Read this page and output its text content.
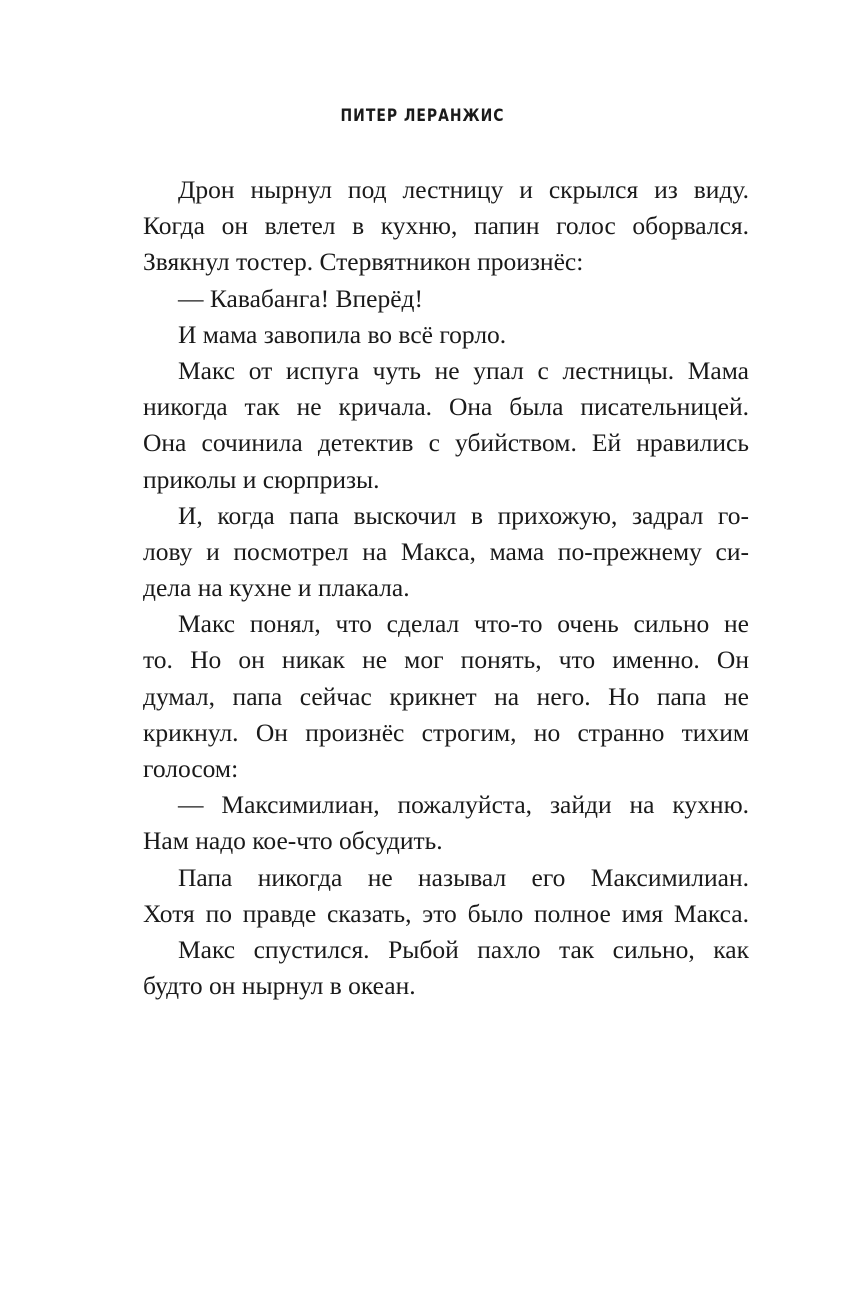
ПИТЕР ЛЕРАНЖИС
Дрон нырнул под лестницу и скрылся из виду.
Когда он влетел в кухню, папин голос оборвался.
Звякнул тостер. Стервятникон произнёс:
— Кавабанга! Вперёд!
И мама завопила во всё горло.
Макс от испуга чуть не упал с лестницы. Мама
никогда так не кричала. Она была писательницей.
Она сочинила детектив с убийством. Ей нравились
приколы и сюрпризы.
И, когда папа выскочил в прихожую, задрал го-
лову и посмотрел на Макса, мама по-прежнему си-
дела на кухне и плакала.
Макс понял, что сделал что-то очень сильно не
то. Но он никак не мог понять, что именно. Он
думал, папа сейчас крикнет на него. Но папа не
крикнул. Он произнёс строгим, но странно тихим
голосом:
— Максимилиан, пожалуйста, зайди на кухню.
Нам надо кое-что обсудить.
Папа никогда не называл его Максимилиан.
Хотя по правде сказать, это было полное имя Макса.
Макс спустился. Рыбой пахло так сильно, как
будто он нырнул в океан.
